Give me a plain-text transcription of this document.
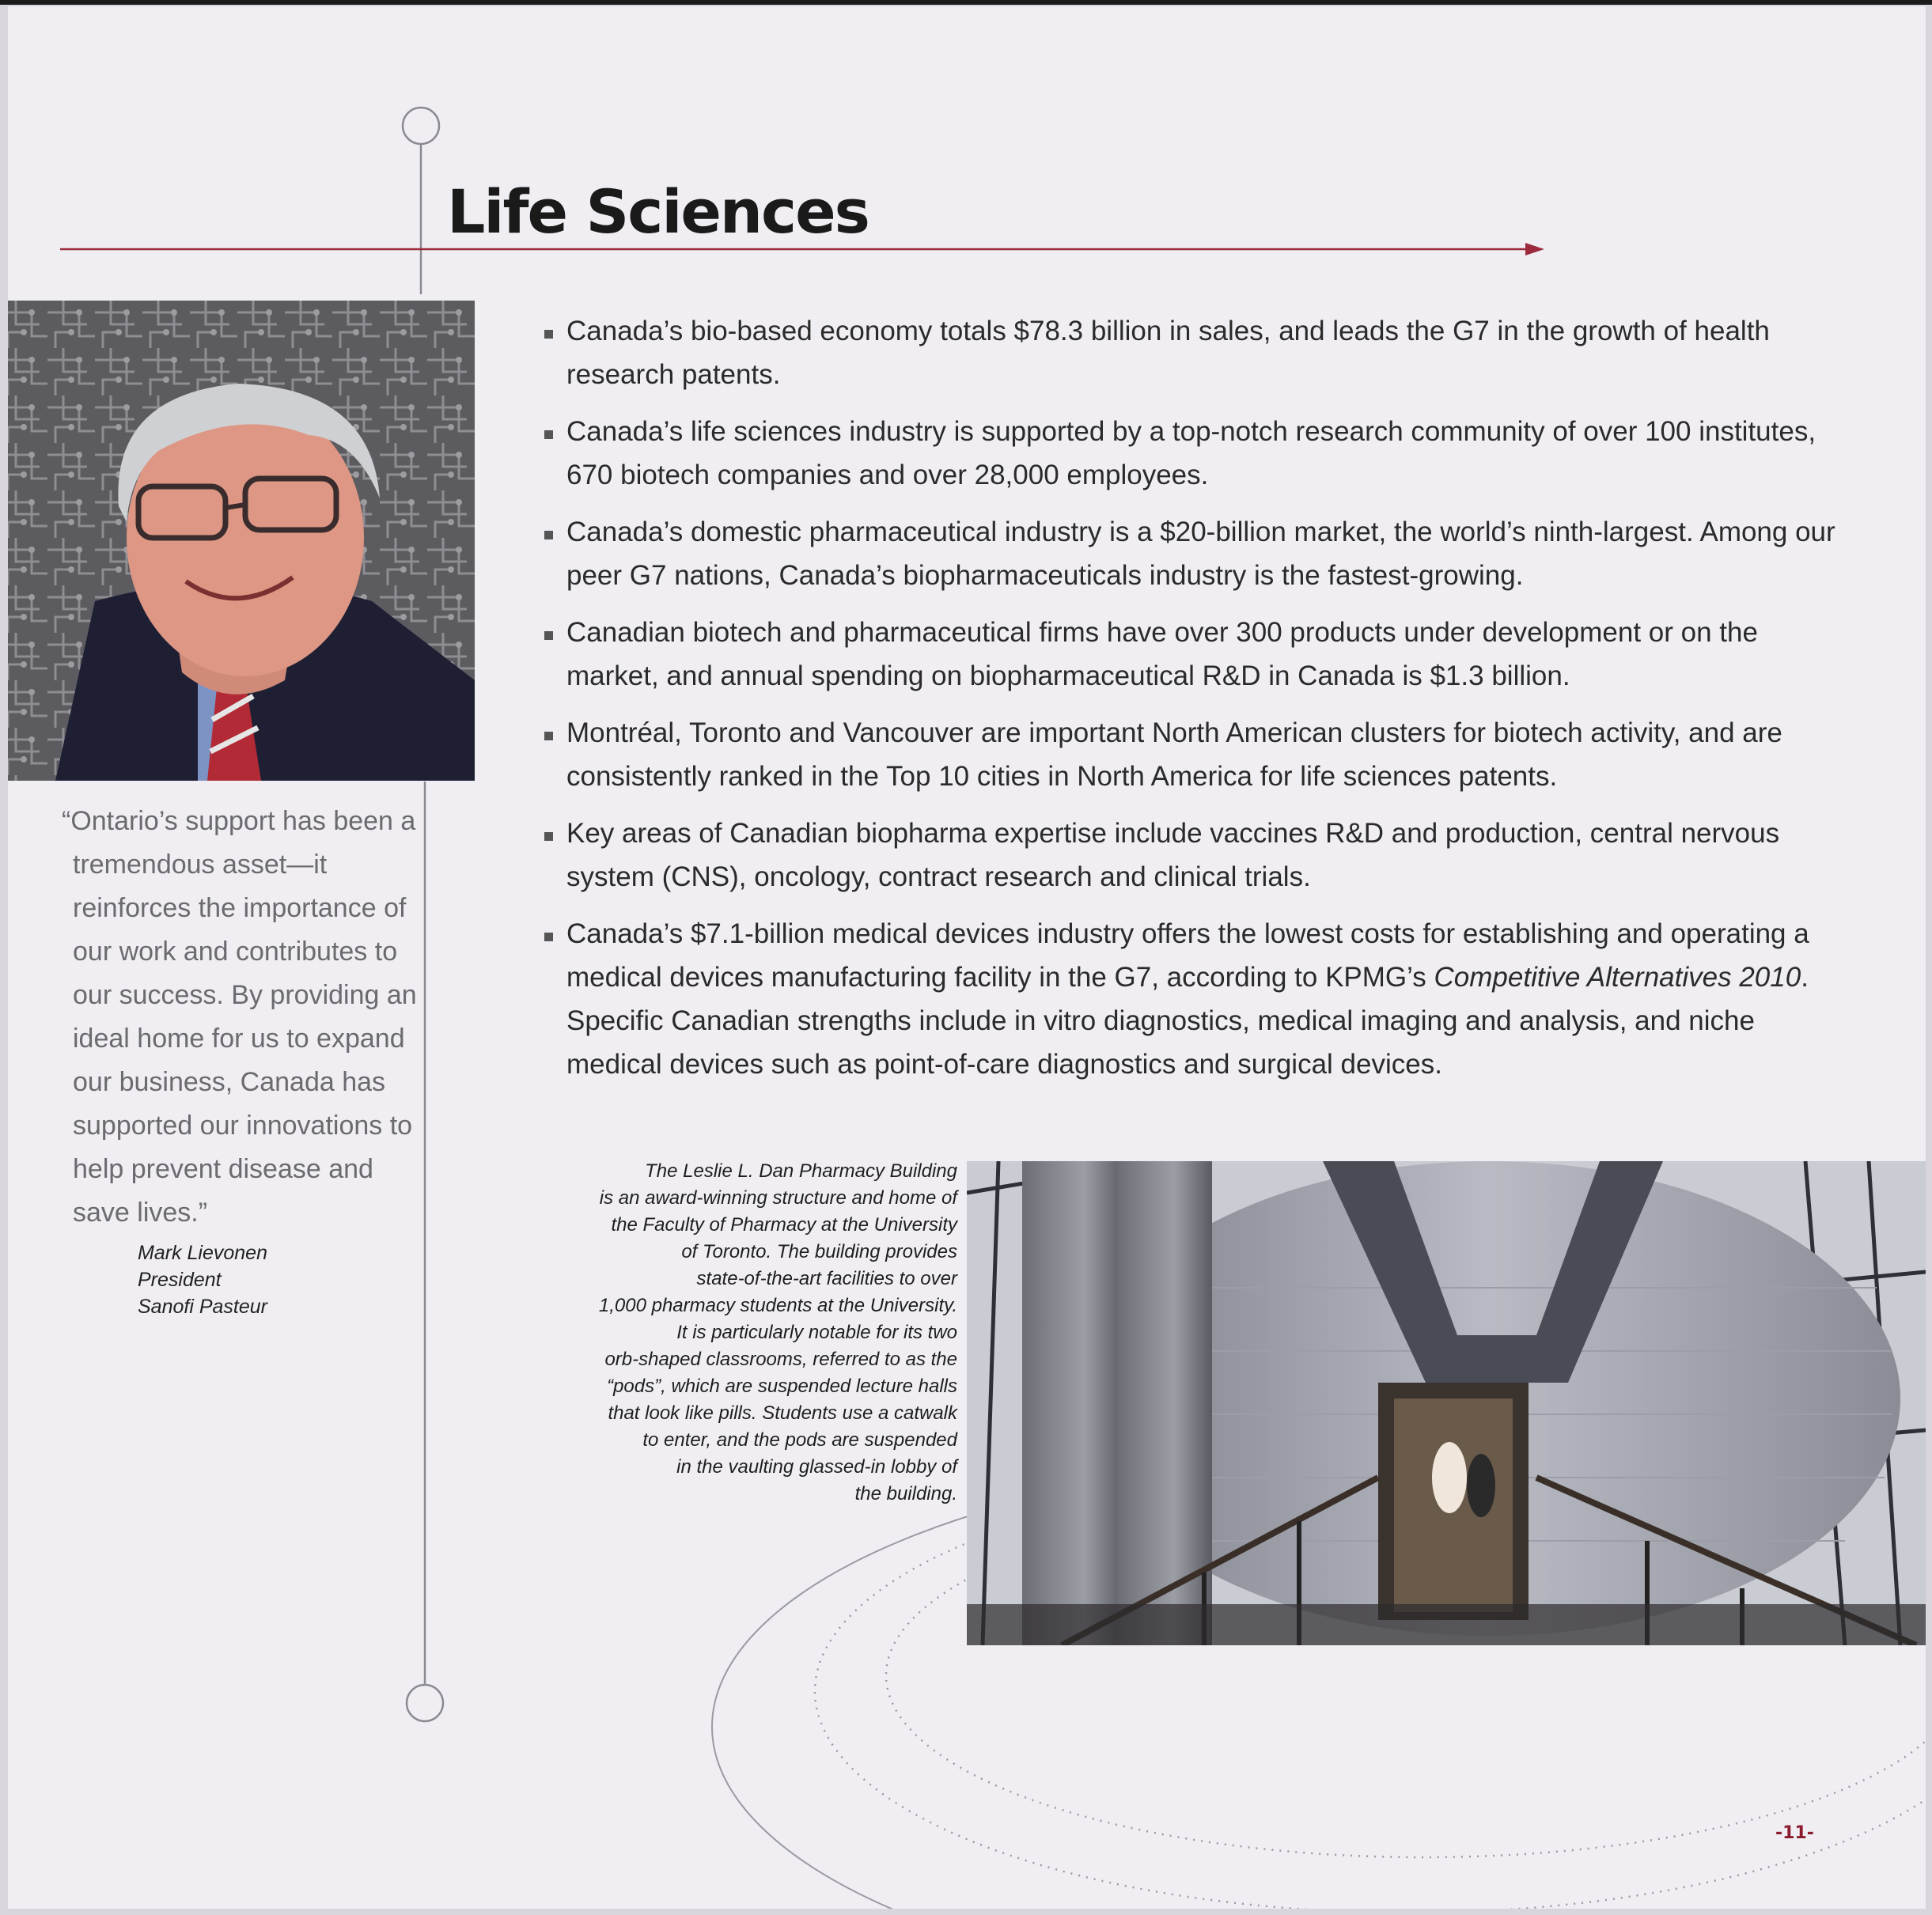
Life Sciences

“Ontario’s support has been a tremendous asset—it reinforces the importance of our work and contributes to our success. By providing an ideal home for us to expand our business, Canada has supported our innovations to help prevent disease and save lives.”

Mark Lievonen
President
Sanofi Pasteur
Canada’s bio-based economy totals $78.3 billion in sales, and leads the G7 in the growth of health research patents.
Canada’s life sciences industry is supported by a top-notch research community of over 100 institutes, 670 biotech companies and over 28,000 employees.
Canada’s domestic pharmaceutical industry is a $20-billion market, the world’s ninth-largest. Among our peer G7 nations, Canada’s biopharmaceuticals industry is the fastest-growing.
Canadian biotech and pharmaceutical firms have over 300 products under development or on the market, and annual spending on biopharmaceutical R&D in Canada is $1.3 billion.
Montréal, Toronto and Vancouver are important North American clusters for biotech activity, and are consistently ranked in the Top 10 cities in North America for life sciences patents.
Key areas of Canadian biopharma expertise include vaccines R&D and production, central nervous system (CNS), oncology, contract research and clinical trials.
Canada’s $7.1-billion medical devices industry offers the lowest costs for establishing and operating a medical devices manufacturing facility in the G7, according to KPMG’s Competitive Alternatives 2010. Specific Canadian strengths include in vitro diagnostics, medical imaging and analysis, and niche medical devices such as point-of-care diagnostics and surgical devices.
The Leslie L. Dan Pharmacy Building
is an award-winning structure and home of
the Faculty of Pharmacy at the University
of Toronto. The building provides
state-of-the-art facilities to over
1,000 pharmacy students at the University.
It is particularly notable for its two
orb-shaped classrooms, referred to as the
“pods”, which are suspended lecture halls
that look like pills. Students use a catwalk
to enter, and the pods are suspended
in the vaulting glassed-in lobby of
the building.
-11-
